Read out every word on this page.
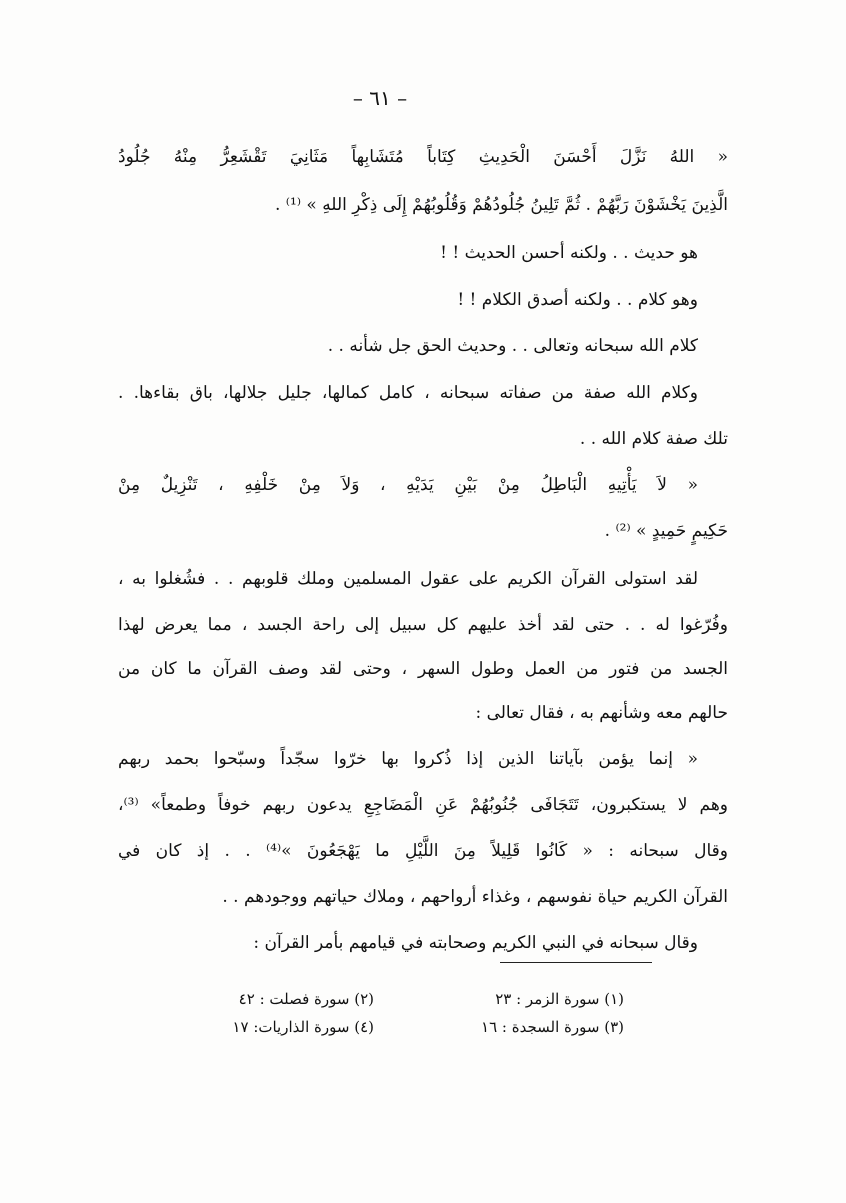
– ٦١ –
« اللهُ نَزَّلَ أَحْسَنَ الْحَدِيثِ كِتَاباً مُتَشَابِهاً مَثَانِيَ تَقْشَعِرُّ مِنْهُ جُلُودُ
الَّذِينَ يَخْشَوْنَ رَبَّهُمْ . ثُمَّ تَلِينُ جُلُودُهُمْ وَقُلُوبُهُمْ إِلَى ذِكْرِ اللهِ » ⁽¹⁾ .
هو حديث . . ولكنه أحسن الحديث ! !
وهو كلام . . ولكنه أصدق الكلام ! !
كلام الله سبحانه وتعالى . . وحديث الحق جل شأنه . .
وكلام الله صفة من صفاته سبحانه ، كامل كمالها، جليل جلالها، باق بقاءها. .
تلك صفة كلام الله . .
« لاَ يَأْتِيهِ الْبَاطِلُ مِنْ بَيْنِ يَدَيْهِ ، وَلاَ مِنْ خَلْفِهِ ، تَنْزِيلٌ مِنْ
حَكِيمٍ حَمِيدٍ » ⁽²⁾ .
لقد استولى القرآن الكريم على عقول المسلمين وملك قلوبهم . . فشُغلوا به ،
وفُرّغوا له . . حتى لقد أخذ عليهم كل سبيل إلى راحة الجسد ، مما يعرض لهذا
الجسد من فتور من العمل وطول السهر ، وحتى لقد وصف القرآن ما كان من
حالهم معه وشأنهم به ، فقال تعالى :
« إنما يؤمن بآياتنا الذين إذا ذُكروا بها خرّوا سجّداً وسبّحوا بحمد ربهم
وهم لا يستكبرون، تَتَجَافَى جُنُوبُهُمْ عَنِ الْمَضَاجِعِ يدعون ربهم خوفاً وطمعاً» ⁽³⁾،
وقال سبحانه : « كَانُوا قَلِيلاً مِنَ اللَّيْلِ ما يَهْجَعُونَ »⁽⁴⁾ . . إذ كان في
القرآن الكريم حياة نفوسهم ، وغذاء أرواحهم ، وملاك حياتهم ووجودهم . .
وقال سبحانه في النبي الكريم وصحابته في قيامهم بأمر القرآن :
(١) سورة الزمر : ٢٣
(٢) سورة فصلت : ٤٢
(٣) سورة السجدة : ١٦
(٤) سورة الذاريات: ١٧
